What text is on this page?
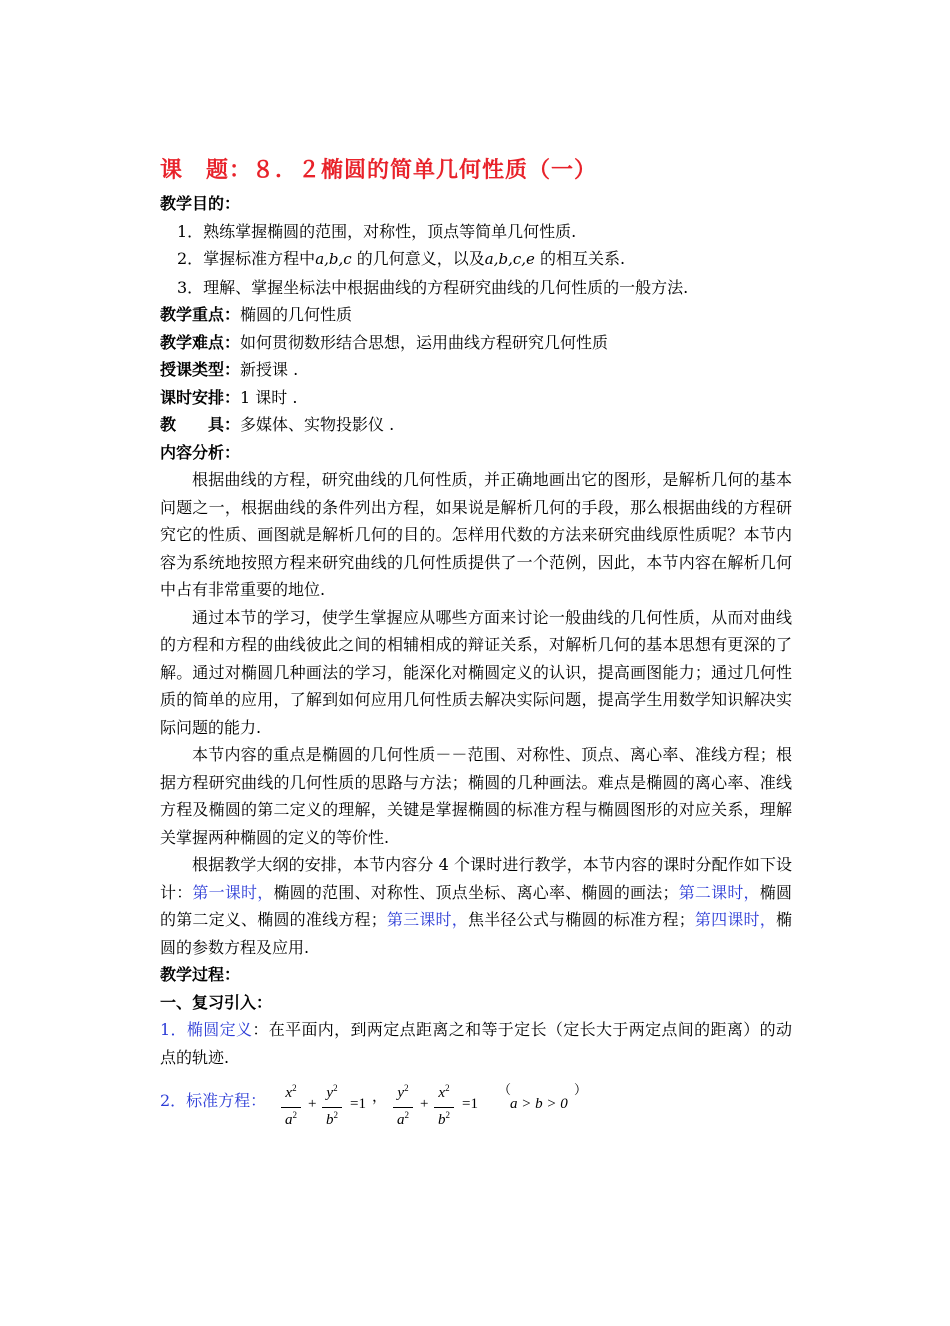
课　题：８．２椭圆的简单几何性质（一）
教学目的：
1．熟练掌握椭圆的范围，对称性，顶点等简单几何性质.
2．掌握标准方程中a,b,c 的几何意义，以及a,b,c,e 的相互关系.
3．理解、掌握坐标法中根据曲线的方程研究曲线的几何性质的一般方法.
教学重点：椭圆的几何性质
教学难点：如何贯彻数形结合思想，运用曲线方程研究几何性质
授课类型：新授课 .
课时安排：1 课时 .
教　　具：多媒体、实物投影仪 .
内容分析：
根据曲线的方程，研究曲线的几何性质，并正确地画出它的图形，是解析几何的基本问题之一，根据曲线的条件列出方程，如果说是解析几何的手段，那么根据曲线的方程研究它的性质、画图就是解析几何的目的。怎样用代数的方法来研究曲线原性质呢？本节内容为系统地按照方程来研究曲线的几何性质提供了一个范例，因此，本节内容在解析几何中占有非常重要的地位.
通过本节的学习，使学生掌握应从哪些方面来讨论一般曲线的几何性质，从而对曲线的方程和方程的曲线彼此之间的相辅相成的辩证关系，对解析几何的基本思想有更深的了解。通过对椭圆几种画法的学习，能深化对椭圆定义的认识，提高画图能力；通过几何性质的简单的应用，了解到如何应用几何性质去解决实际问题，提高学生用数学知识解决实际问题的能力.
本节内容的重点是椭圆的几何性质－－范围、对称性、顶点、离心率、准线方程；根据方程研究曲线的几何性质的思路与方法；椭圆的几种画法。难点是椭圆的离心率、准线方程及椭圆的第二定义的理解，关键是掌握椭圆的标准方程与椭圆图形的对应关系，理解关掌握两种椭圆的定义的等价性.
根据教学大纲的安排，本节内容分 4 个课时进行教学，本节内容的课时分配作如下设计：第一课时，椭圆的范围、对称性、顶点坐标、离心率、椭圆的画法；第二课时，椭圆的第二定义、椭圆的准线方程；第三课时，焦半径公式与椭圆的标准方程；第四课时，椭圆的参数方程及应用.
教学过程：
一、复习引入：
1．椭圆定义：在平面内，到两定点距离之和等于定长（定长大于两定点间的距离）的动点的轨迹.
2．标准方程：	$x^2$
$a^2$
+
$y^2$
$b^2$
=1 ， $y^2$
$a^2$
+
$x^2$
$b^2$
=1
（
a > b > 0
）
